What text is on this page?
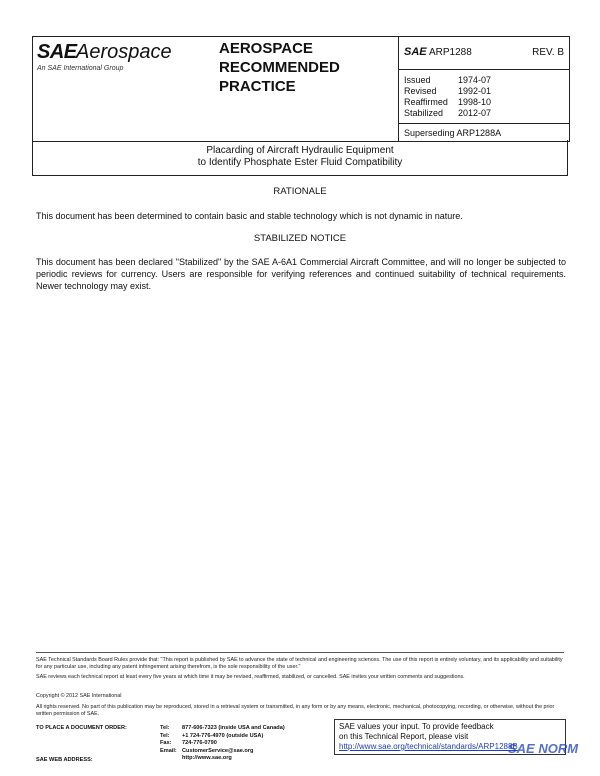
SAE Aerospace
An SAE International Group
AEROSPACE
RECOMMENDED
PRACTICE
SAE ARP1288	REV. B
Issued	1974-07
Revised 1992-01
Reaffirmed 1998-10
Stabilized 2012-07
Superseding ARP1288A
Placarding of Aircraft Hydraulic Equipment
to Identify Phosphate Ester Fluid Compatibility
RATIONALE
This document has been determined to contain basic and stable technology which is not dynamic in nature.
STABILIZED NOTICE
This document has been declared "Stabilized" by the SAE A-6A1 Commercial Aircraft Committee, and will no longer be subjected to periodic reviews for currency. Users are responsible for verifying references and continued suitability of technical requirements. Newer technology may exist.
SAE Technical Standards Board Rules provide that: "This report is published by SAE to advance the state of technical and engineering sciences. The use of this report is entirely voluntary, and its applicability and suitability for any particular use, including any patent infringement arising therefrom, is the sole responsibility of the user."
SAE reviews each technical report at least every five years at which time it may be revised, reaffirmed, stabilized, or cancelled. SAE invites your written comments and suggestions.
Copyright © 2012 SAE International
All rights reserved. No part of this publication may be reproduced, stored in a retrieval system or transmitted, in any form or by any means, electronic, mechanical, photocopying, recording, or otherwise, without the prior written permission of SAE.
TO PLACE A DOCUMENT ORDER:
SAE WEB ADDRESS:
Tel: 877-606-7323 (inside USA and Canada)
Tel: +1 724-776-4970 (outside USA)
Fax: 724-776-0790
Email: CustomerService@sae.org
http://www.sae.org
SAE values your input. To provide feedback
on this Technical Report, please visit
http://www.sae.org/technical/standards/ARP1288B
SAE NORM
